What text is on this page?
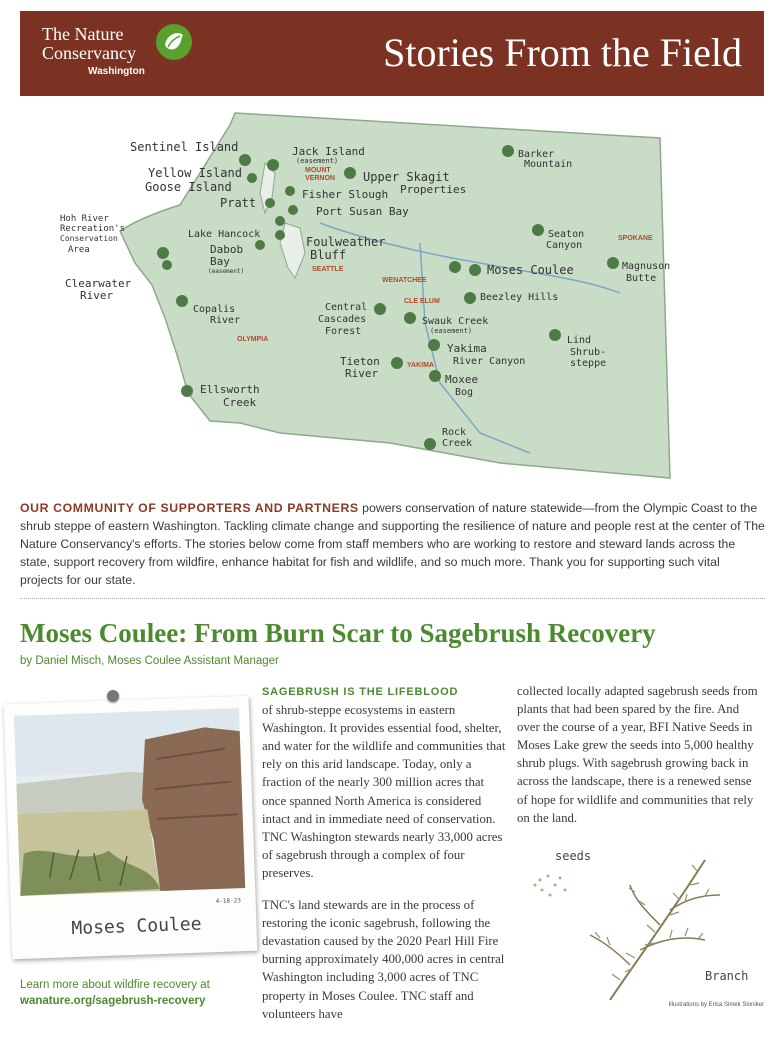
The Nature
Conservancy
Washington	Stories From the Field
Sentinel Island	Jack Island
(easement)
Yellow Island
Goose Island
Upper Skagit
Properties
Fisher Slough
Pratt
Port Susan Bay
Barker
Mountain
Hoh River
Recreation's
Conservation
Area
Lake Hancock
Dabob
Bay
(easement)
Foulweather
Bluff
Seaton
Canyon
Clearwater
River
Moses Coulee	Magnuson
Butte
Copalis
River
Central
Cascades
Forest
Beezley Hills
Swauk Creek
(easement)
Lind
Shrub-
steppe
Yakima
River Canyon
Tieton
River	Moxee
Bog
Ellsworth
Creek
Rock
Creek
MOUNT
VERNON
SEATTLE
OLYMPIA
WENATCHEE
CLE ELUM
YAKIMA
SPOKANE
OUR COMMUNITY OF SUPPORTERS AND PARTNERS powers conservation of nature statewide—from the Olympic Coast to the shrub steppe of eastern Washington. Tackling climate change and supporting the resilience of nature and people rest at the center of The Nature Conservancy's efforts. The stories below come from staff members who are working to restore and steward lands across the state, support recovery from wildfire, enhance habitat for fish and wildlife, and so much more. Thank you for supporting such vital projects for our state.
Moses Coulee: From Burn Scar to Sagebrush Recovery
by Daniel Misch, Moses Coulee Assistant Manager
4-18-23
Moses Coulee
Learn more about wildfire recovery at
wanature.org/sagebrush-recovery

SAGEBRUSH IS THE LIFEBLOOD
of shrub-steppe ecosystems in eastern Washington. It provides essential food, shelter, and water for the wildlife and communities that rely on this arid landscape. Today, only a fraction of the nearly 300 million acres that once spanned North America is considered intact and in immediate need of conservation. TNC Washington stewards nearly 33,000 acres of sagebrush through a complex of four preserves.

TNC's land stewards are in the process of restoring the iconic sagebrush, following the devastation caused by the 2020 Pearl Hill Fire burning approximately 400,000 acres in central Washington including 3,000 acres of TNC property in Moses Coulee. TNC staff and volunteers have

collected locally adapted sagebrush seeds from plants that had been spared by the fire. And over the course of a year, BFI Native Seeds in Moses Lake grew the seeds into 5,000 healthy shrub plugs. With sagebrush growing back in across the landscape, there is a renewed sense of hope for wildlife and communities that rely on the land.

seeds
Branch
Illustrations by Erica Simek Sloniker
